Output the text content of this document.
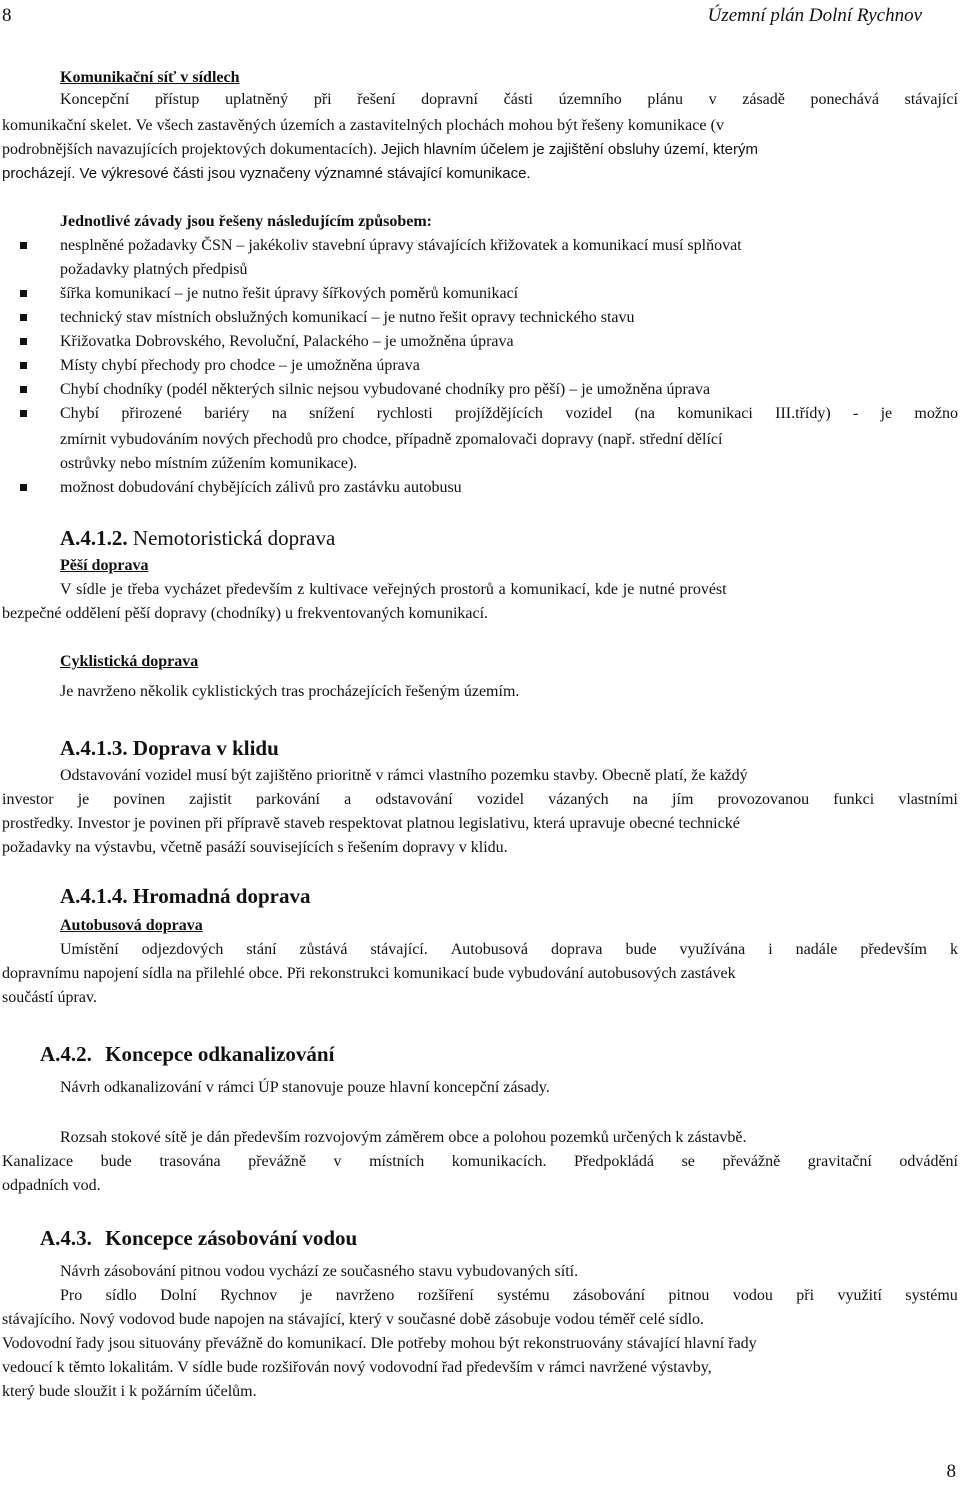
8	Územní plán Dolní Rychnov
Komunikační síť v sídlech
Koncepční přístup uplatněný při řešení dopravní části územního plánu v zásadě ponechává stávající
komunikační skelet. Ve všech zastavěných územích a zastavitelných plochách mohou být řešeny komunikace (v
podrobnějších navazujících projektových dokumentacích). Jejich hlavním účelem je zajištění obsluhy území, kterým
procházejí. Ve výkresové části jsou vyznačeny významné stávající komunikace.
Jednotlivé závady jsou řešeny následujícím způsobem:
nesplněné požadavky ČSN – jakékoliv stavební úpravy stávajících křižovatek a komunikací musí splňovat
požadavky platných předpisů
šířka komunikací – je nutno řešit úpravy šířkových poměrů komunikací
technický stav místních obslužných komunikací – je nutno řešit opravy technického stavu
Křižovatka Dobrovského, Revoluční, Palackého – je umožněna úprava
Místy chybí přechody pro chodce – je umožněna úprava
Chybí chodníky (podél některých silnic nejsou vybudované chodníky pro pěší) – je umožněna úprava
Chybí přirozené bariéry na snížení rychlosti projíždějících vozidel (na komunikaci III.třídy) - je možno
zmírnit vybudováním nových přechodů pro chodce, případně zpomalovači dopravy (např. střední dělící
ostrůvky nebo místním zúžením komunikace).
možnost dobudování chybějících zálivů pro zastávku autobusu
A.4.1.2. Nemotoristická doprava
Pěší doprava
V sídle je třeba vycházet především z kultivace veřejných prostorů a komunikací, kde je nutné provést
bezpečné oddělení pěší dopravy (chodníky) u frekventovaných komunikací.
Cyklistická doprava
Je navrženo několik cyklistických tras procházejících řešeným územím.
A.4.1.3. Doprava v klidu
Odstavování vozidel musí být zajištěno prioritně v rámci vlastního pozemku stavby. Obecně platí, že každý
investor je povinen zajistit parkování a odstavování vozidel vázaných na jím provozovanou funkci vlastními
prostředky. Investor je povinen při přípravě staveb respektovat platnou legislativu, která upravuje obecné technické
požadavky na výstavbu, včetně pasáží souvisejících s řešením dopravy v klidu.
A.4.1.4. Hromadná doprava
Autobusová doprava
Umístění odjezdových stání zůstává stávající. Autobusová doprava bude využívána i nadále především k
dopravnímu napojení sídla na přilehlé obce. Při rekonstrukci komunikací bude vybudování autobusových zastávek
součástí úprav.
A.4.2. Koncepce odkanalizování
Návrh odkanalizování v rámci ÚP stanovuje pouze hlavní koncepční zásady.
Rozsah stokové sítě je dán především rozvojovým záměrem obce a polohou pozemků určených k zástavbě.
Kanalizace bude trasována převážně v místních komunikacích. Předpokládá se převážně gravitační odvádění
odpadních vod.
A.4.3. Koncepce zásobování vodou
Návrh zásobování pitnou vodou vychází ze současného stavu vybudovaných sítí.
Pro sídlo Dolní Rychnov je navrženo rozšíření systému zásobování pitnou vodou při využití systému
stávajícího. Nový vodovod bude napojen na stávající, který v současné době zásobuje vodou téměř celé sídlo.
Vodovodní řady jsou situovány převážně do komunikací. Dle potřeby mohou být rekonstruovány stávající hlavní řady
vedoucí k těmto lokalitám. V sídle bude rozšiřován nový vodovodní řad především v rámci navržené výstavby,
který bude sloužit i k požárním účelům.
8
